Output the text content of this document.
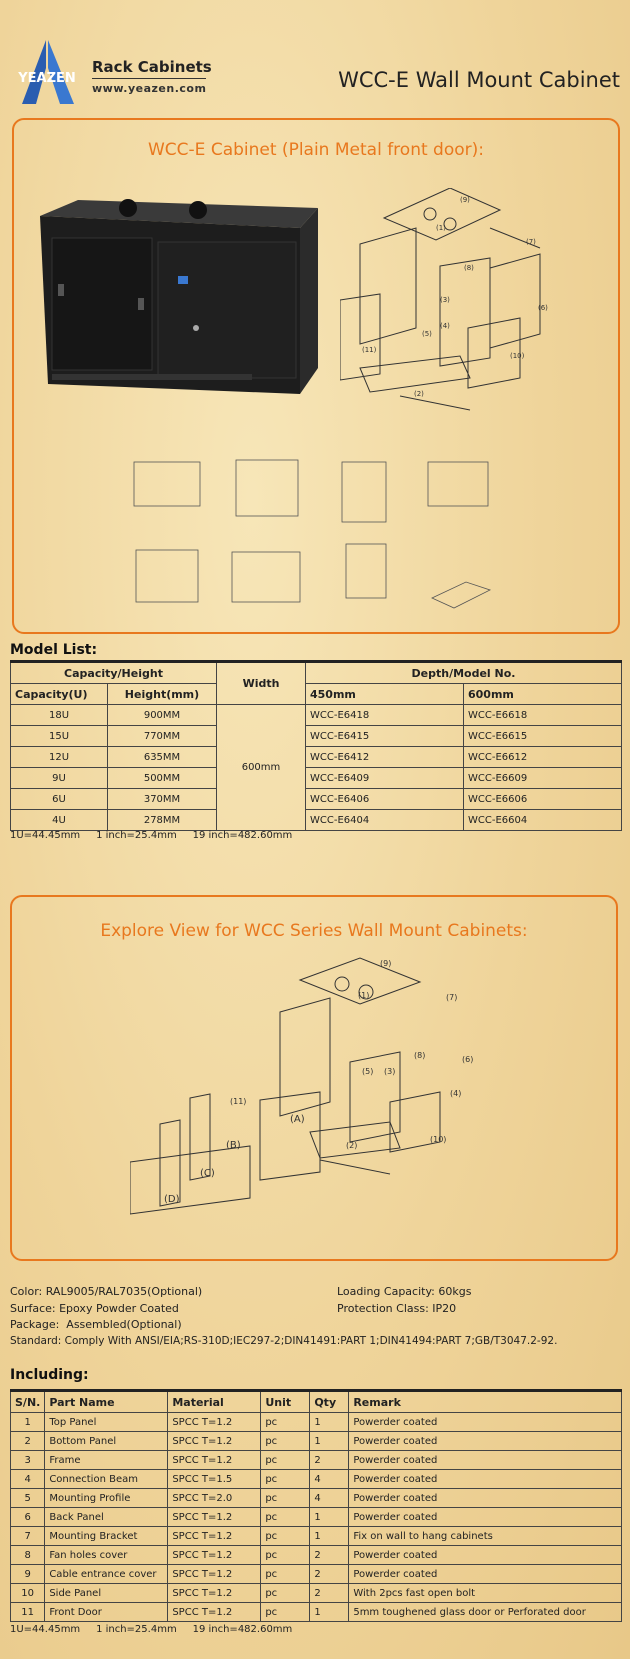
YEAZEN
Rack Cabinets
www.yeazen.com	WCC-E Wall Mount Cabinet
WCC-E Cabinet (Plain Metal front door):
(9)
(1)
(7)
(8)
(6)
(3)
(4)
(5)
(11)
(10)
(2)
Model List:
Capacity/Height		Width	Depth/Model No.	
Capacity(U)	Height(mm)		450mm	600mm
18U	900MM	600mm	WCC-E6418	WCC-E6618
15U	770MM		WCC-E6415	WCC-E6615
12U	635MM		WCC-E6412	WCC-E6612
9U	500MM		WCC-E6409	WCC-E6609
6U	370MM		WCC-E6406	WCC-E6606
4U	278MM		WCC-E6404	WCC-E6604
1U=44.45mm     1 inch=25.4mm     19 inch=482.60mm
Explore View for WCC Series Wall Mount Cabinets:
(9)
(1)	(7)
(8)	(6)
(5) (3)
(4)
(11)
(A)
(2)
(10)
(B)
(C)
(D)
Color: RAL9005/RAL7035(Optional)
Surface: Epoxy Powder Coated
Package:  Assembled(Optional)
Standard: Comply With ANSI/EIA;RS-310D;IEC297-2;DIN41491:PART 1;DIN41494:PART 7;GB/T3047.2-92.
Loading Capacity: 60kgs
Protection Class: IP20
Including:
S/N.	Part Name	Material	Unit	Qty	Remark
1	Top Panel	SPCC T=1.2	pc	1	Powerder coated
2	Bottom Panel	SPCC T=1.2	pc	1	Powerder coated
3	Frame	SPCC T=1.2	pc	2	Powerder coated
4	Connection Beam	SPCC T=1.5	pc	4	Powerder coated
5	Mounting Profile	SPCC T=2.0	pc	4	Powerder coated
6	Back Panel	SPCC T=1.2	pc	1	Powerder coated
7	Mounting Bracket	SPCC T=1.2	pc	1	Fix on wall to hang cabinets
8	Fan holes cover	SPCC T=1.2	pc	2	Powerder coated
9	Cable entrance cover	SPCC T=1.2	pc	2	Powerder coated
10	Side Panel	SPCC T=1.2	pc	2	With 2pcs fast open bolt
11	Front Door	SPCC T=1.2	pc	1	5mm toughened glass door or Perforated door
1U=44.45mm     1 inch=25.4mm     19 inch=482.60mm
